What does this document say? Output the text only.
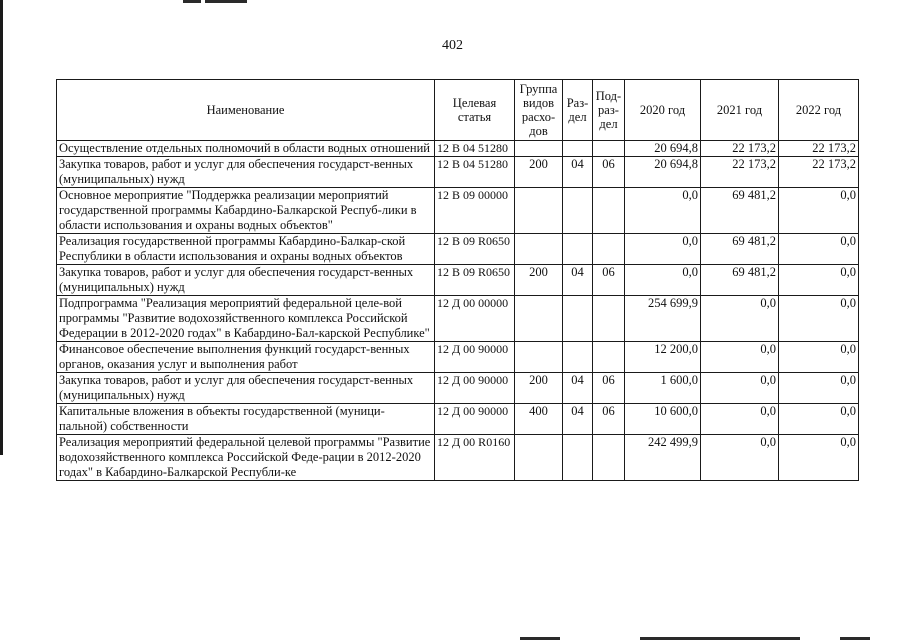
402
Наименование	Целевая статья	Группа видов расхо- дов	Раз- дел	Под- раз- дел	2020 год	2021 год	2022 год
Осуществление отдельных полномочий в области водных отношений	12 В 04 51280				20 694,8	22 173,2	22 173,2
Закупка товаров, работ и услуг для обеспечения государст-венных (муниципальных) нужд	12 В 04 51280	200	04	06	20 694,8	22 173,2	22 173,2
Основное мероприятие "Поддержка реализации мероприятий государственной программы Кабардино-Балкарской Респуб-лики в области использования и охраны водных объектов"	12 В 09 00000				0,0	69 481,2	0,0
Реализация государственной программы Кабардино-Балкар-ской Республики в области использования и охраны водных объектов	12 В 09 R0650				0,0	69 481,2	0,0
Закупка товаров, работ и услуг для обеспечения государст-венных (муниципальных) нужд	12 В 09 R0650	200	04	06	0,0	69 481,2	0,0
Подпрограмма "Реализация мероприятий федеральной целе-вой программы "Развитие водохозяйственного комплекса Российской Федерации в 2012-2020 годах" в Кабардино-Бал-карской Республике"	12 Д 00 00000				254 699,9	0,0	0,0
Финансовое обеспечение выполнения функций государст-венных органов, оказания услуг и выполнения работ	12 Д 00 90000				12 200,0	0,0	0,0
Закупка товаров, работ и услуг для обеспечения государст-венных (муниципальных) нужд	12 Д 00 90000	200	04	06	1 600,0	0,0	0,0
Капитальные вложения в объекты государственной (муници-пальной) собственности	12 Д 00 90000	400	04	06	10 600,0	0,0	0,0
Реализация мероприятий федеральной целевой программы "Развитие водохозяйственного комплекса Российской Феде-рации в 2012-2020 годах" в Кабардино-Балкарской Республи-ке	12 Д 00 R0160				242 499,9	0,0	0,0
